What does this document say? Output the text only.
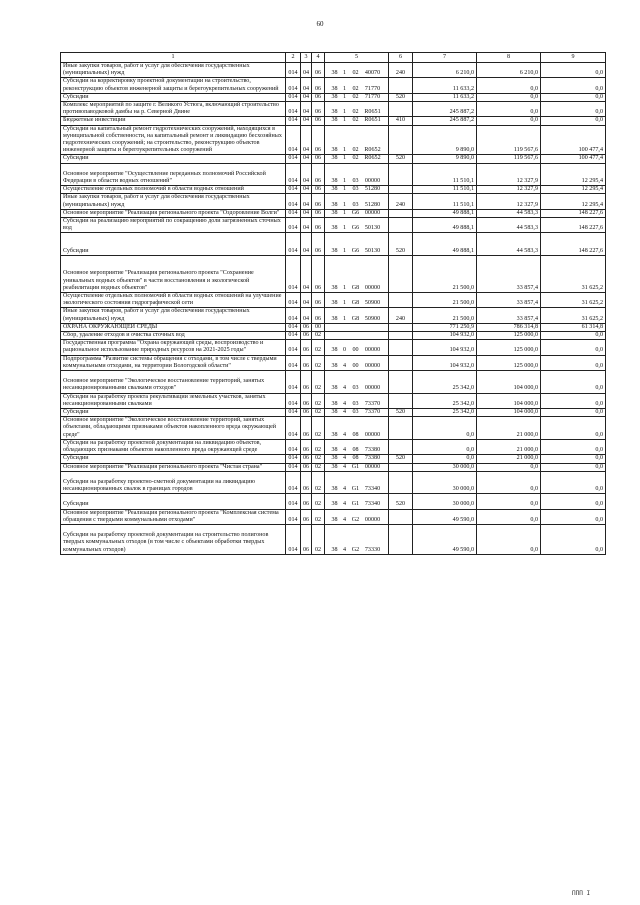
60
1	2	3	4	5	6	7	8	9
Иные закупки товаров, работ и услуг для обеспечения государственных (муниципальных) нужд	014	04	06	38 1 02 40070	240	6 210,0	6 210,0	0,0
Субсидии на корректировку проектной документации на строительство, реконструкцию объектов инженерной защиты и берегоукрепительных сооружений	014	04	06	38 1 02 71770		11 633,2	0,0	0,0
Субсидии	014	04	06	38 1 02 71770	520	11 633,2	0,0	0,0
Комплекс мероприятий по защите г. Великого Устюга, включающий строительство противопаводковой дамбы на р. Северной Двине	014	04	06	38 1 02 R0651		245 887,2	0,0	0,0
Бюджетные инвестиции	014	04	06	38 1 02 R0651	410	245 887,2	0,0	0,0
Субсидии на капитальный ремонт гидротехнических сооружений, находящихся в муниципальной собственности, на капитальный ремонт и ликвидацию бесхозяйных гидротехнических сооружений; на строительство, реконструкцию объектов инженерной защиты и берегоукрепительных сооружений	014	04	06	38 1 02 R0652		9 890,0	119 567,6	100 477,4
Субсидии	014	04	06	38 1 02 R0652	520	9 890,0	119 567,6	100 477,4
Основное мероприятие "Осуществление переданных полномочий Российской Федерации в области водных отношений"	014	04	06	38 1 03 00000		11 510,1	12 327,9	12 295,4
Осуществление отдельных полномочий в области водных отношений	014	04	06	38 1 03 51280		11 510,1	12 327,9	12 295,4
Иные закупки товаров, работ и услуг для обеспечения государственных (муниципальных) нужд	014	04	06	38 1 03 51280	240	11 510,1	12 327,9	12 295,4
Основное мероприятие "Реализация регионального проекта "Оздоровление Волги"	014	04	06	38 1 G6 00000		49 888,1	44 583,3	148 227,6
Субсидии на реализацию мероприятий по сокращению доли загрязненных сточных вод	014	04	06	38 1 G6 50130		49 888,1	44 583,3	148 227,6
Субсидии	014	04	06	38 1 G6 50130	520	49 888,1	44 583,3	148 227,6
Основное мероприятие "Реализация регионального проекта "Сохранение уникальных водных объектов" в части восстановления и экологической реабилитации водных объектов"	014	04	06	38 1 G8 00000		21 500,0	33 857,4	31 625,2
Осуществление отдельных полномочий в области водных отношений на улучшение экологического состояния гидрографической сети	014	04	06	38 1 G8 50900		21 500,0	33 857,4	31 625,2
Иные закупки товаров, работ и услуг для обеспечения государственных (муниципальных) нужд	014	04	06	38 1 G8 50900	240	21 500,0	33 857,4	31 625,2
ОХРАНА ОКРУЖАЮЩЕЙ СРЕДЫ	014	06	00			771 250,9	786 314,8	61 314,8
Сбор, удаление отходов и очистка сточных вод	014	06	02			104 932,0	125 000,0	0,0
Государственная программа "Охрана окружающей среды, воспроизводство и рациональное использование природных ресурсов на 2021-2025 годы"	014	06	02	38 0 00 00000		104 932,0	125 000,0	0,0
Подпрограмма "Развитие системы обращения с отходами, в том числе с твердыми коммунальными отходами, на территории Вологодской области"	014	06	02	38 4 00 00000		104 932,0	125 000,0	0,0
Основное мероприятие "Экологическое восстановление территорий, занятых несанкционированными свалками отходов"	014	06	02	38 4 03 00000		25 342,0	104 000,0	0,0
Субсидии на разработку проекта рекультивации земельных участков, занятых несанкционированными свалками	014	06	02	38 4 03 73370		25 342,0	104 000,0	0,0
Субсидии	014	06	02	38 4 03 73370	520	25 342,0	104 000,0	0,0
Основное мероприятие "Экологическое восстановление территорий, занятых объектами, обладающими признаками объектов накопленного вреда окружающей среде"	014	06	02	38 4 08 00000		0,0	21 000,0	0,0
Субсидии на разработку проектной документации на ликвидацию объектов, обладающих признаками объектов накопленного вреда окружающей среде	014	06	02	38 4 08 73380		0,0	21 000,0	0,0
Субсидии	014	06	02	38 4 08 73380	520	0,0	21 000,0	0,0
Основное мероприятие "Реализация регионального проекта "Чистая страна"	014	06	02	38 4 G1 00000		30 000,0	0,0	0,0
Субсидии на разработку проектно-сметной документации на ликвидацию несанкционированных свалок в границах городов	014	06	02	38 4 G1 73340		30 000,0	0,0	0,0
Субсидии	014	06	02	38 4 G1 73340	520	30 000,0	0,0	0,0
Основное мероприятие "Реализация регионального проекта "Комплексная система обращения с твердыми коммунальными отходами"	014	06	02	38 4 G2 00000		49 590,0	0,0	0,0
Субсидии на разработку проектной документации на строительство полигонов твердых коммунальных отходов (в том числе с объектами обработки твердых коммунальных отходов)	014	06	02	38 4 G2 73330		49 590,0	0,0	0,0
ППП I
